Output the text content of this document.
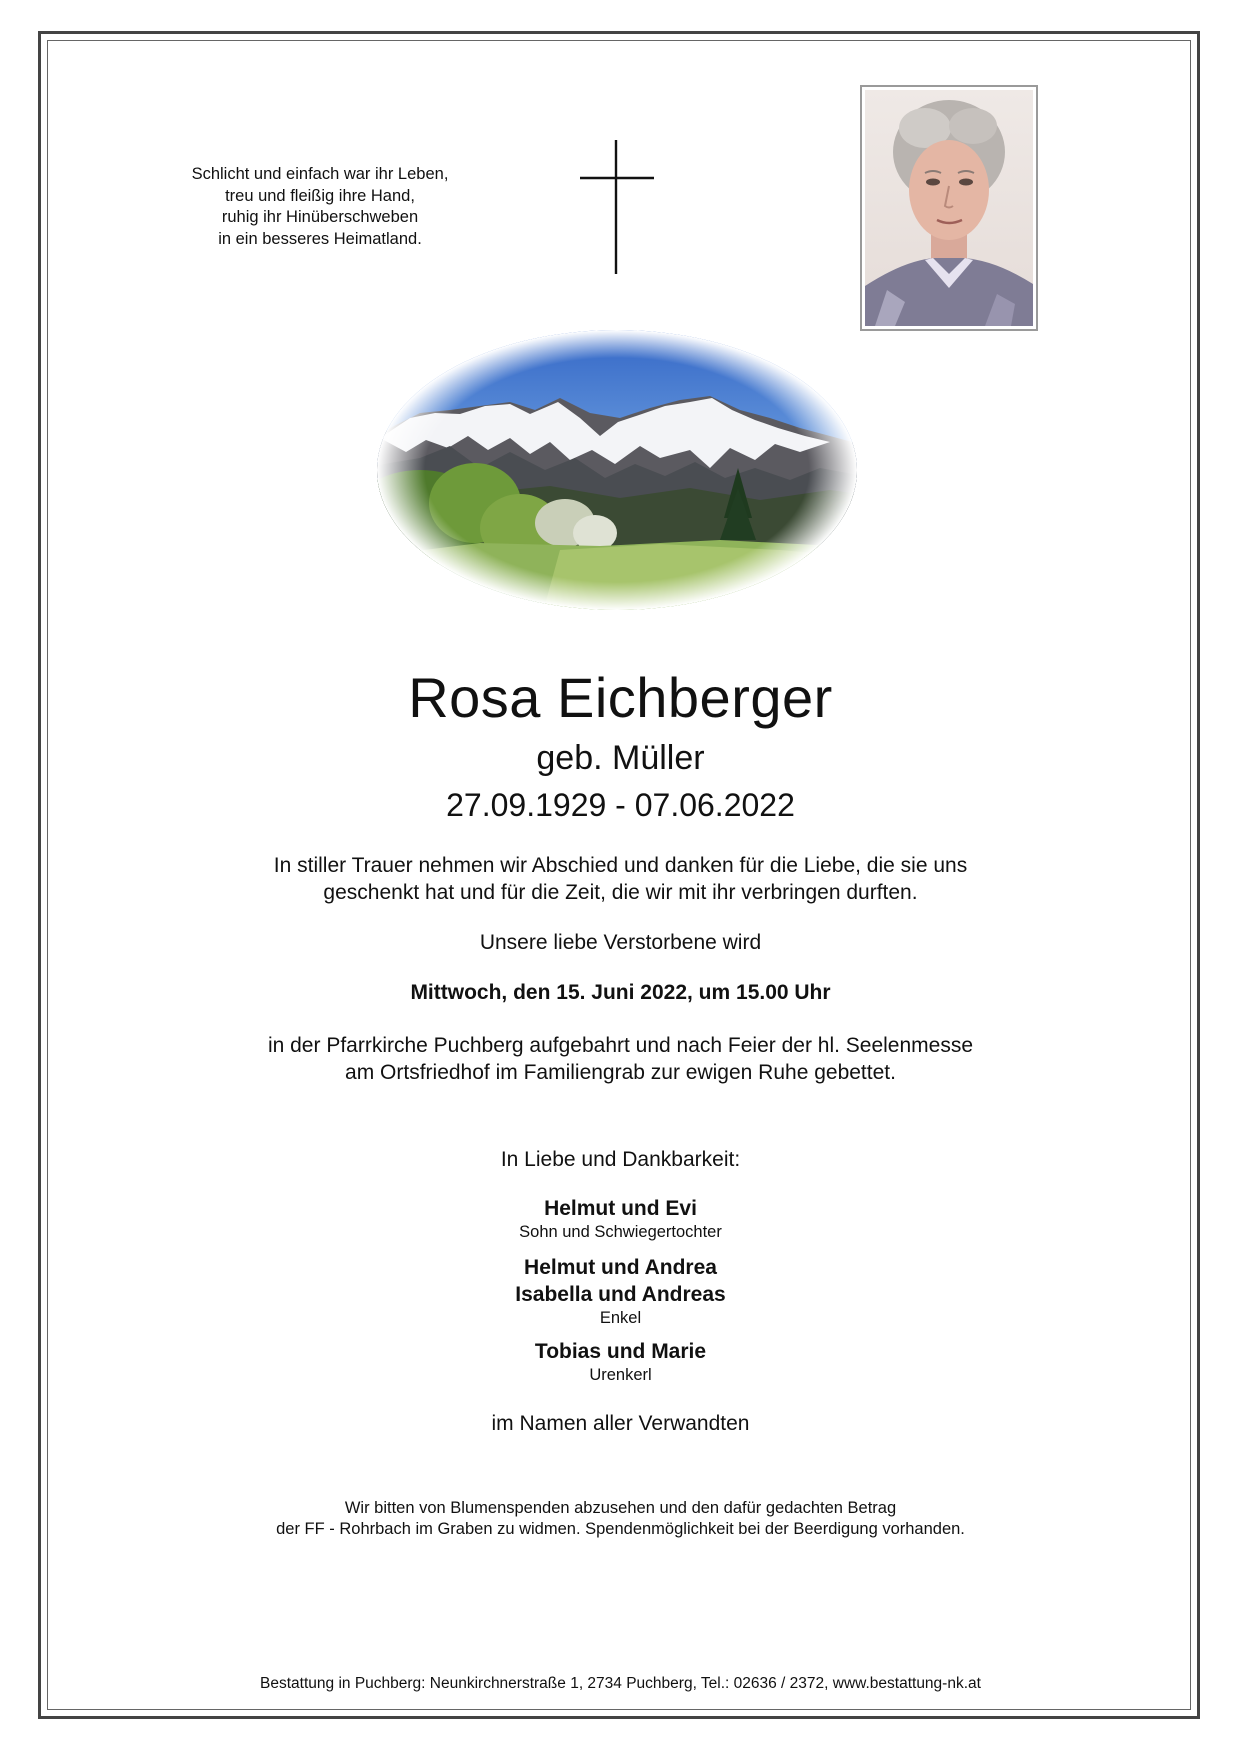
Schlicht und einfach war ihr Leben,
treu und fleißig ihre Hand,
ruhig ihr Hinüberschweben
in ein besseres Heimatland.
Rosa Eichberger
geb. Müller
27.09.1929 - 07.06.2022
In stiller Trauer nehmen wir Abschied und danken für die Liebe, die sie uns
geschenkt hat und für die Zeit, die wir mit ihr verbringen durften.
Unsere liebe Verstorbene wird
Mittwoch, den 15. Juni 2022, um 15.00 Uhr
in der Pfarrkirche Puchberg aufgebahrt und nach Feier der hl. Seelenmesse
am Ortsfriedhof im Familiengrab zur ewigen Ruhe gebettet.
In Liebe und Dankbarkeit:
Helmut und Evi
Sohn und Schwiegertochter
Helmut und Andrea
Isabella und Andreas
Enkel
Tobias und Marie
Urenkerl
im Namen aller Verwandten
Wir bitten von Blumenspenden abzusehen und den dafür gedachten Betrag
der FF - Rohrbach im Graben zu widmen. Spendenmöglichkeit bei der Beerdigung vorhanden.
Bestattung in Puchberg: Neunkirchnerstraße 1, 2734 Puchberg, Tel.: 02636 / 2372, www.bestattung-nk.at
